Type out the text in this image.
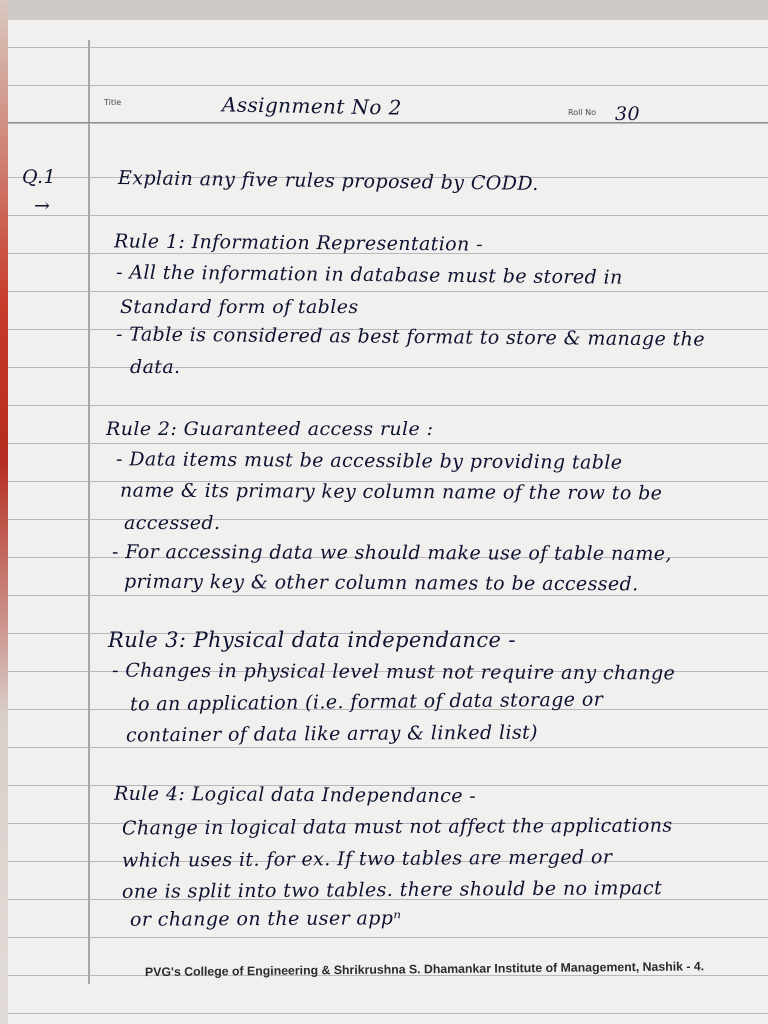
Title	Assignment No 2	Roll No 30
Q.1
→
Explain any five rules proposed by CODD.
Rule 1: Information Representation -
- All the information in database must be stored in
Standard form of tables
- Table is considered as best format to store & manage the
data.
Rule 2: Guaranteed access rule :
- Data items must be accessible by providing table
name & its primary key column name of the row to be
accessed.
- For accessing data we should make use of table name,
primary key & other column names to be accessed.
Rule 3: Physical data independance -
- Changes in physical level must not require any change
to an application (i.e. format of data storage or
container of data like array & linked list)
Rule 4: Logical data Independance -
Change in logical data must not affect the applications
which uses it. for ex. If two tables are merged or
one is split into two tables. there should be no impact
or change on the user appⁿ
PVG's College of Engineering & Shrikrushna S. Dhamankar Institute of Management, Nashik - 4.
